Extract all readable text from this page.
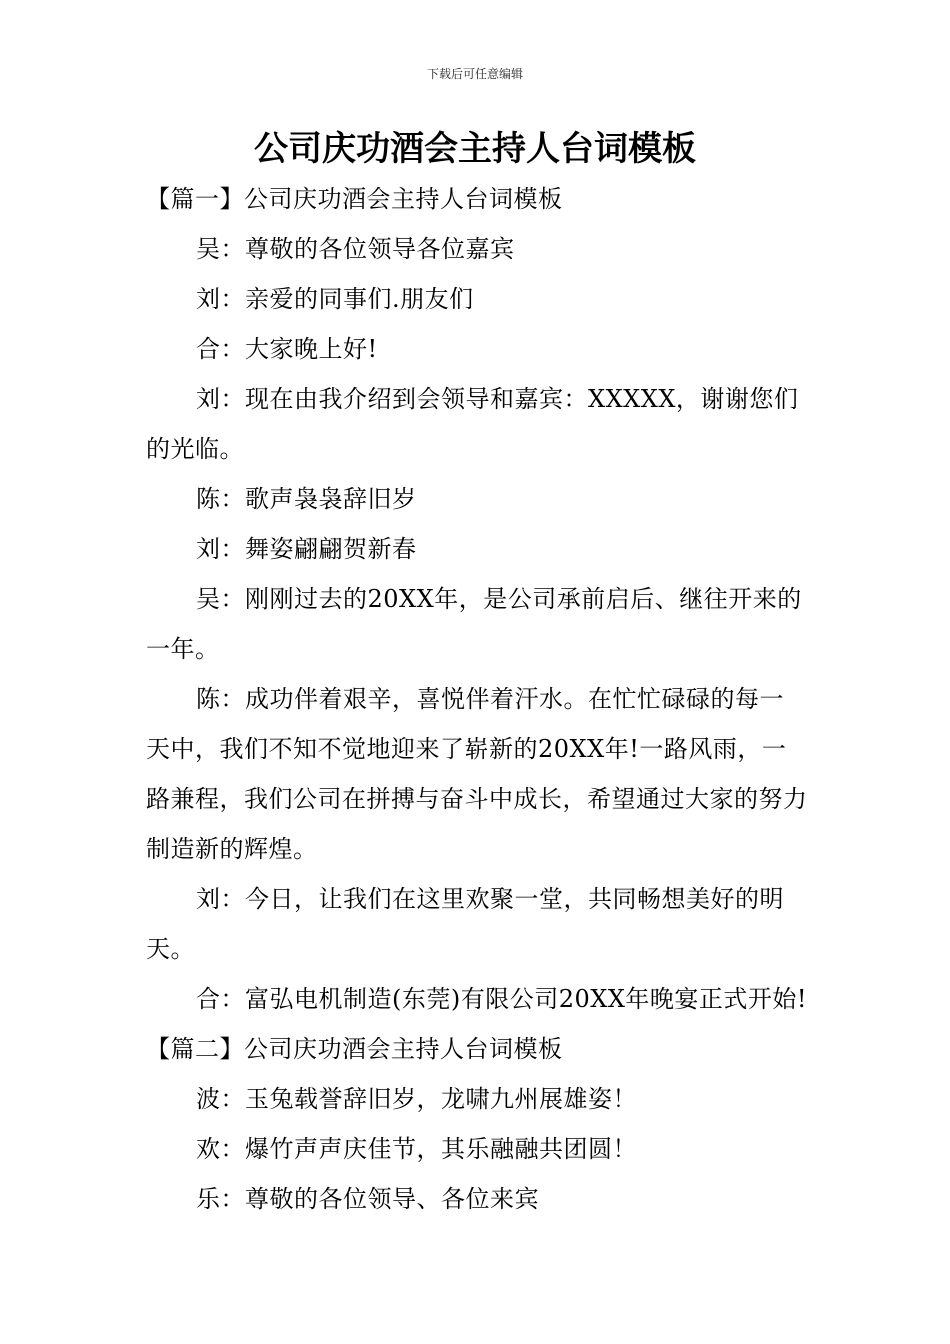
下载后可任意编辑
公司庆功酒会主持人台词模板

【篇一】公司庆功酒会主持人台词模板

吴：尊敬的各位领导各位嘉宾

刘：亲爱的同事们.朋友们

合：大家晚上好!

刘：现在由我介绍到会领导和嘉宾：XXXXX，谢谢您们的光临。

陈：歌声袅袅辞旧岁

刘：舞姿翩翩贺新春

吴：刚刚过去的20XX年，是公司承前启后、继往开来的一年。

陈：成功伴着艰辛，喜悦伴着汗水。在忙忙碌碌的每一天中，我们不知不觉地迎来了崭新的20XX年!一路风雨，一路兼程，我们公司在拼搏与奋斗中成长，希望通过大家的努力制造新的辉煌。

刘：今日，让我们在这里欢聚一堂，共同畅想美好的明天。

合：富弘电机制造(东莞)有限公司20XX年晚宴正式开始!【篇二】公司庆功酒会主持人台词模板

波：玉兔载誉辞旧岁，龙啸九州展雄姿！

欢：爆竹声声庆佳节，其乐融融共团圆！

乐：尊敬的各位领导、各位来宾
